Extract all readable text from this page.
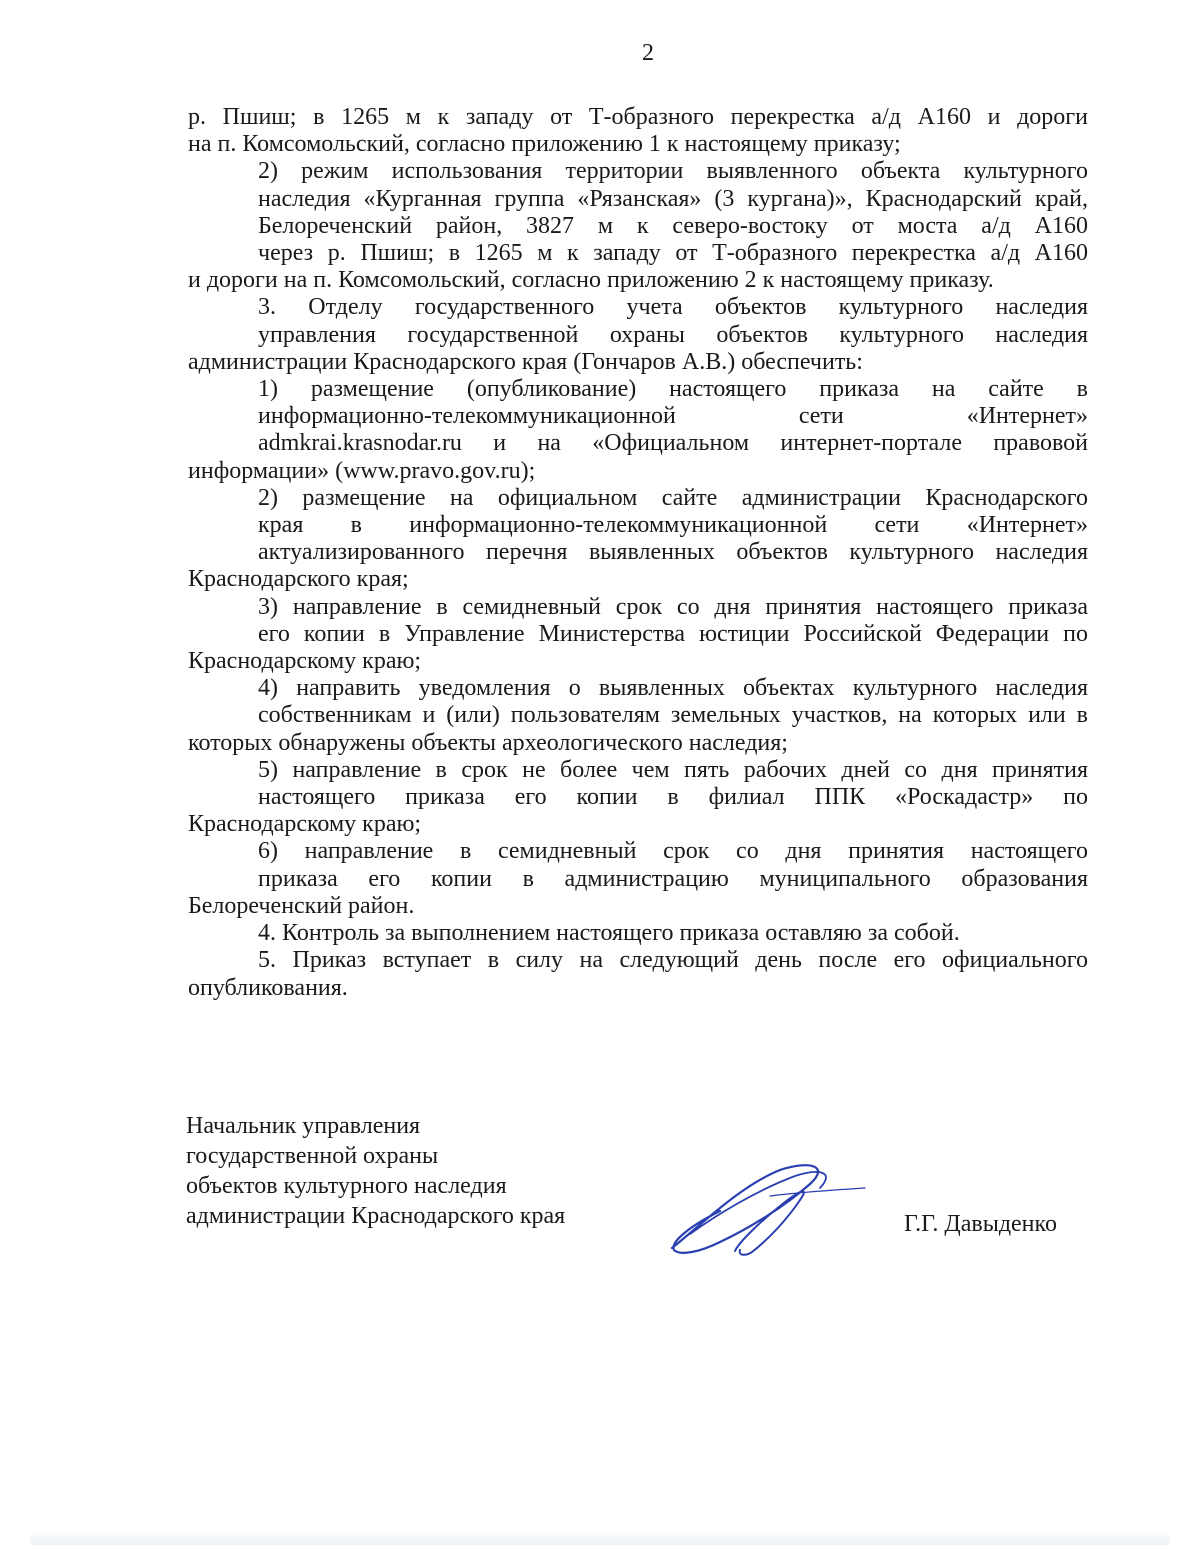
2

р. Пшиш; в 1265 м к западу от Т-образного перекрестка а/д А160 и дороги
на п. Комсомольский, согласно приложению 1 к настоящему приказу;

2) режим использования территории выявленного объекта культурного
наследия «Курганная группа «Рязанская» (3 кургана)», Краснодарский край,
Белореченский район, 3827 м к северо-востоку от моста а/д А160
через р. Пшиш; в 1265 м к западу от Т-образного перекрестка а/д А160
и дороги на п. Комсомольский, согласно приложению 2 к настоящему приказу.

3. Отделу государственного учета объектов культурного наследия
управления государственной охраны объектов культурного наследия
администрации Краснодарского края (Гончаров А.В.) обеспечить:

1) размещение (опубликование) настоящего приказа на сайте в
информационно-телекоммуникационной сети «Интернет»
admkrai.krasnodar.ru и на «Официальном интернет-портале правовой
информации» (www.pravo.gov.ru);

2) размещение на официальном сайте администрации Краснодарского
края в информационно-телекоммуникационной сети «Интернет»
актуализированного перечня выявленных объектов культурного наследия
Краснодарского края;

3) направление в семидневный срок со дня принятия настоящего приказа
его копии в Управление Министерства юстиции Российской Федерации по
Краснодарскому краю;

4) направить уведомления о выявленных объектах культурного наследия
собственникам и (или) пользователям земельных участков, на которых или в
которых обнаружены объекты археологического наследия;

5) направление в срок не более чем пять рабочих дней со дня принятия
настоящего приказа его копии в филиал ППК «Роскадастр» по
Краснодарскому краю;

6) направление в семидневный срок со дня принятия настоящего
приказа его копии в администрацию муниципального образования
Белореченский район.

4. Контроль за выполнением настоящего приказа оставляю за собой.

5. Приказ вступает в силу на следующий день после его официального
опубликования.

Начальник управления
государственной охраны
объектов культурного наследия
администрации Краснодарского края	Г.Г. Давыденко
